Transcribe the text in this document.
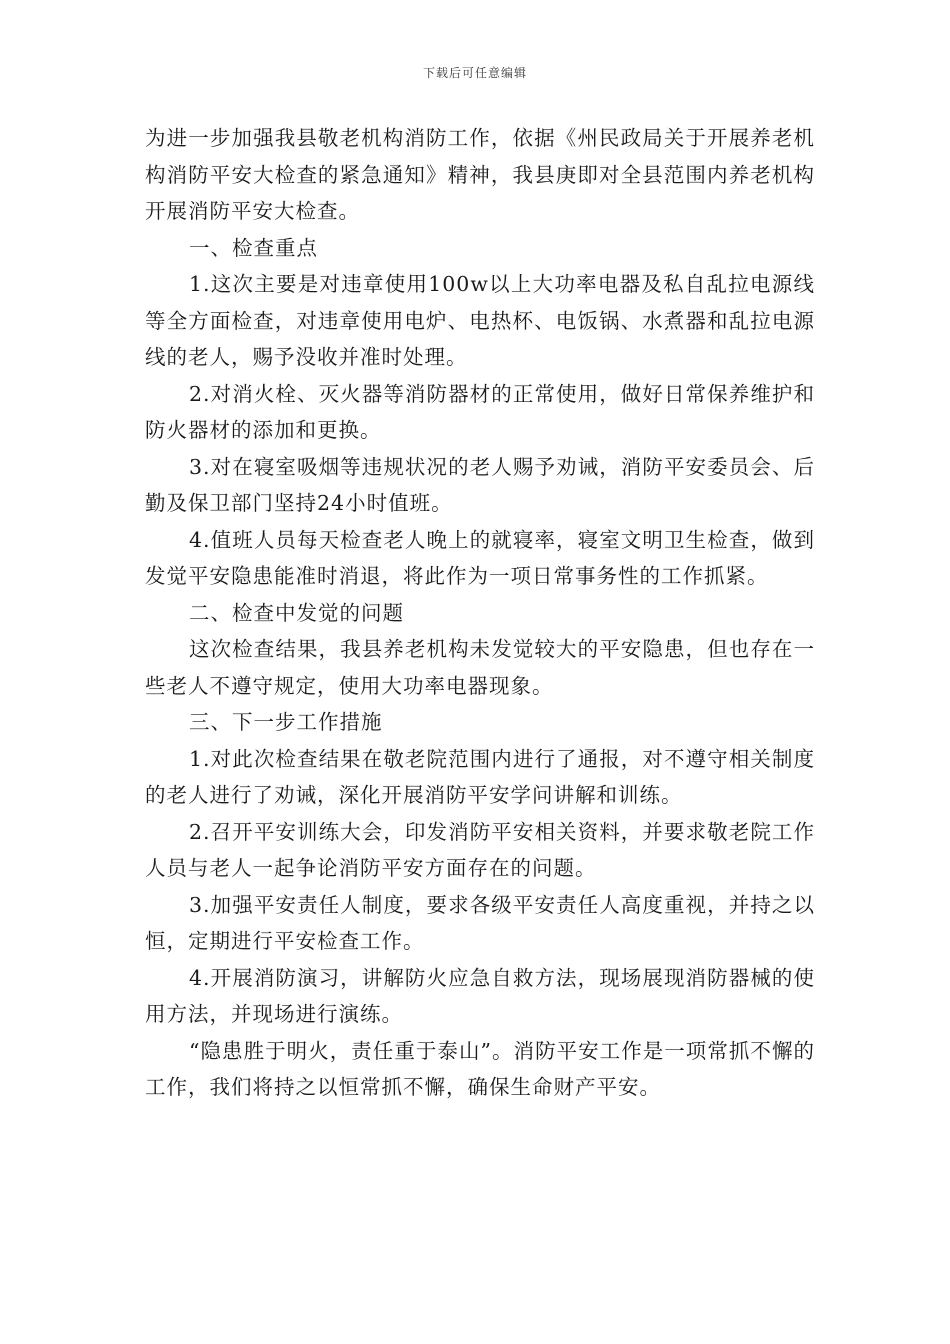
下载后可任意编辑

为进一步加强我县敬老机构消防工作，依据《州民政局关于开展养老机构消防平安大检查的紧急通知》精神，我县庚即对全县范围内养老机构开展消防平安大检查。

一、检查重点

1.这次主要是对违章使用100w以上大功率电器及私自乱拉电源线等全方面检查，对违章使用电炉、电热杯、电饭锅、水煮器和乱拉电源线的老人，赐予没收并准时处理。

2.对消火栓、灭火器等消防器材的正常使用，做好日常保养维护和防火器材的添加和更换。

3.对在寝室吸烟等违规状况的老人赐予劝诫，消防平安委员会、后勤及保卫部门坚持24小时值班。

4.值班人员每天检查老人晚上的就寝率，寝室文明卫生检查，做到发觉平安隐患能准时消退，将此作为一项日常事务性的工作抓紧。

二、检查中发觉的问题

这次检查结果，我县养老机构未发觉较大的平安隐患，但也存在一些老人不遵守规定，使用大功率电器现象。

三、下一步工作措施

1.对此次检查结果在敬老院范围内进行了通报，对不遵守相关制度的老人进行了劝诫，深化开展消防平安学问讲解和训练。

2.召开平安训练大会，印发消防平安相关资料，并要求敬老院工作人员与老人一起争论消防平安方面存在的问题。

3.加强平安责任人制度，要求各级平安责任人高度重视，并持之以恒，定期进行平安检查工作。

4.开展消防演习，讲解防火应急自救方法，现场展现消防器械的使用方法，并现场进行演练。

“隐患胜于明火，责任重于泰山”。消防平安工作是一项常抓不懈的工作，我们将持之以恒常抓不懈，确保生命财产平安。
